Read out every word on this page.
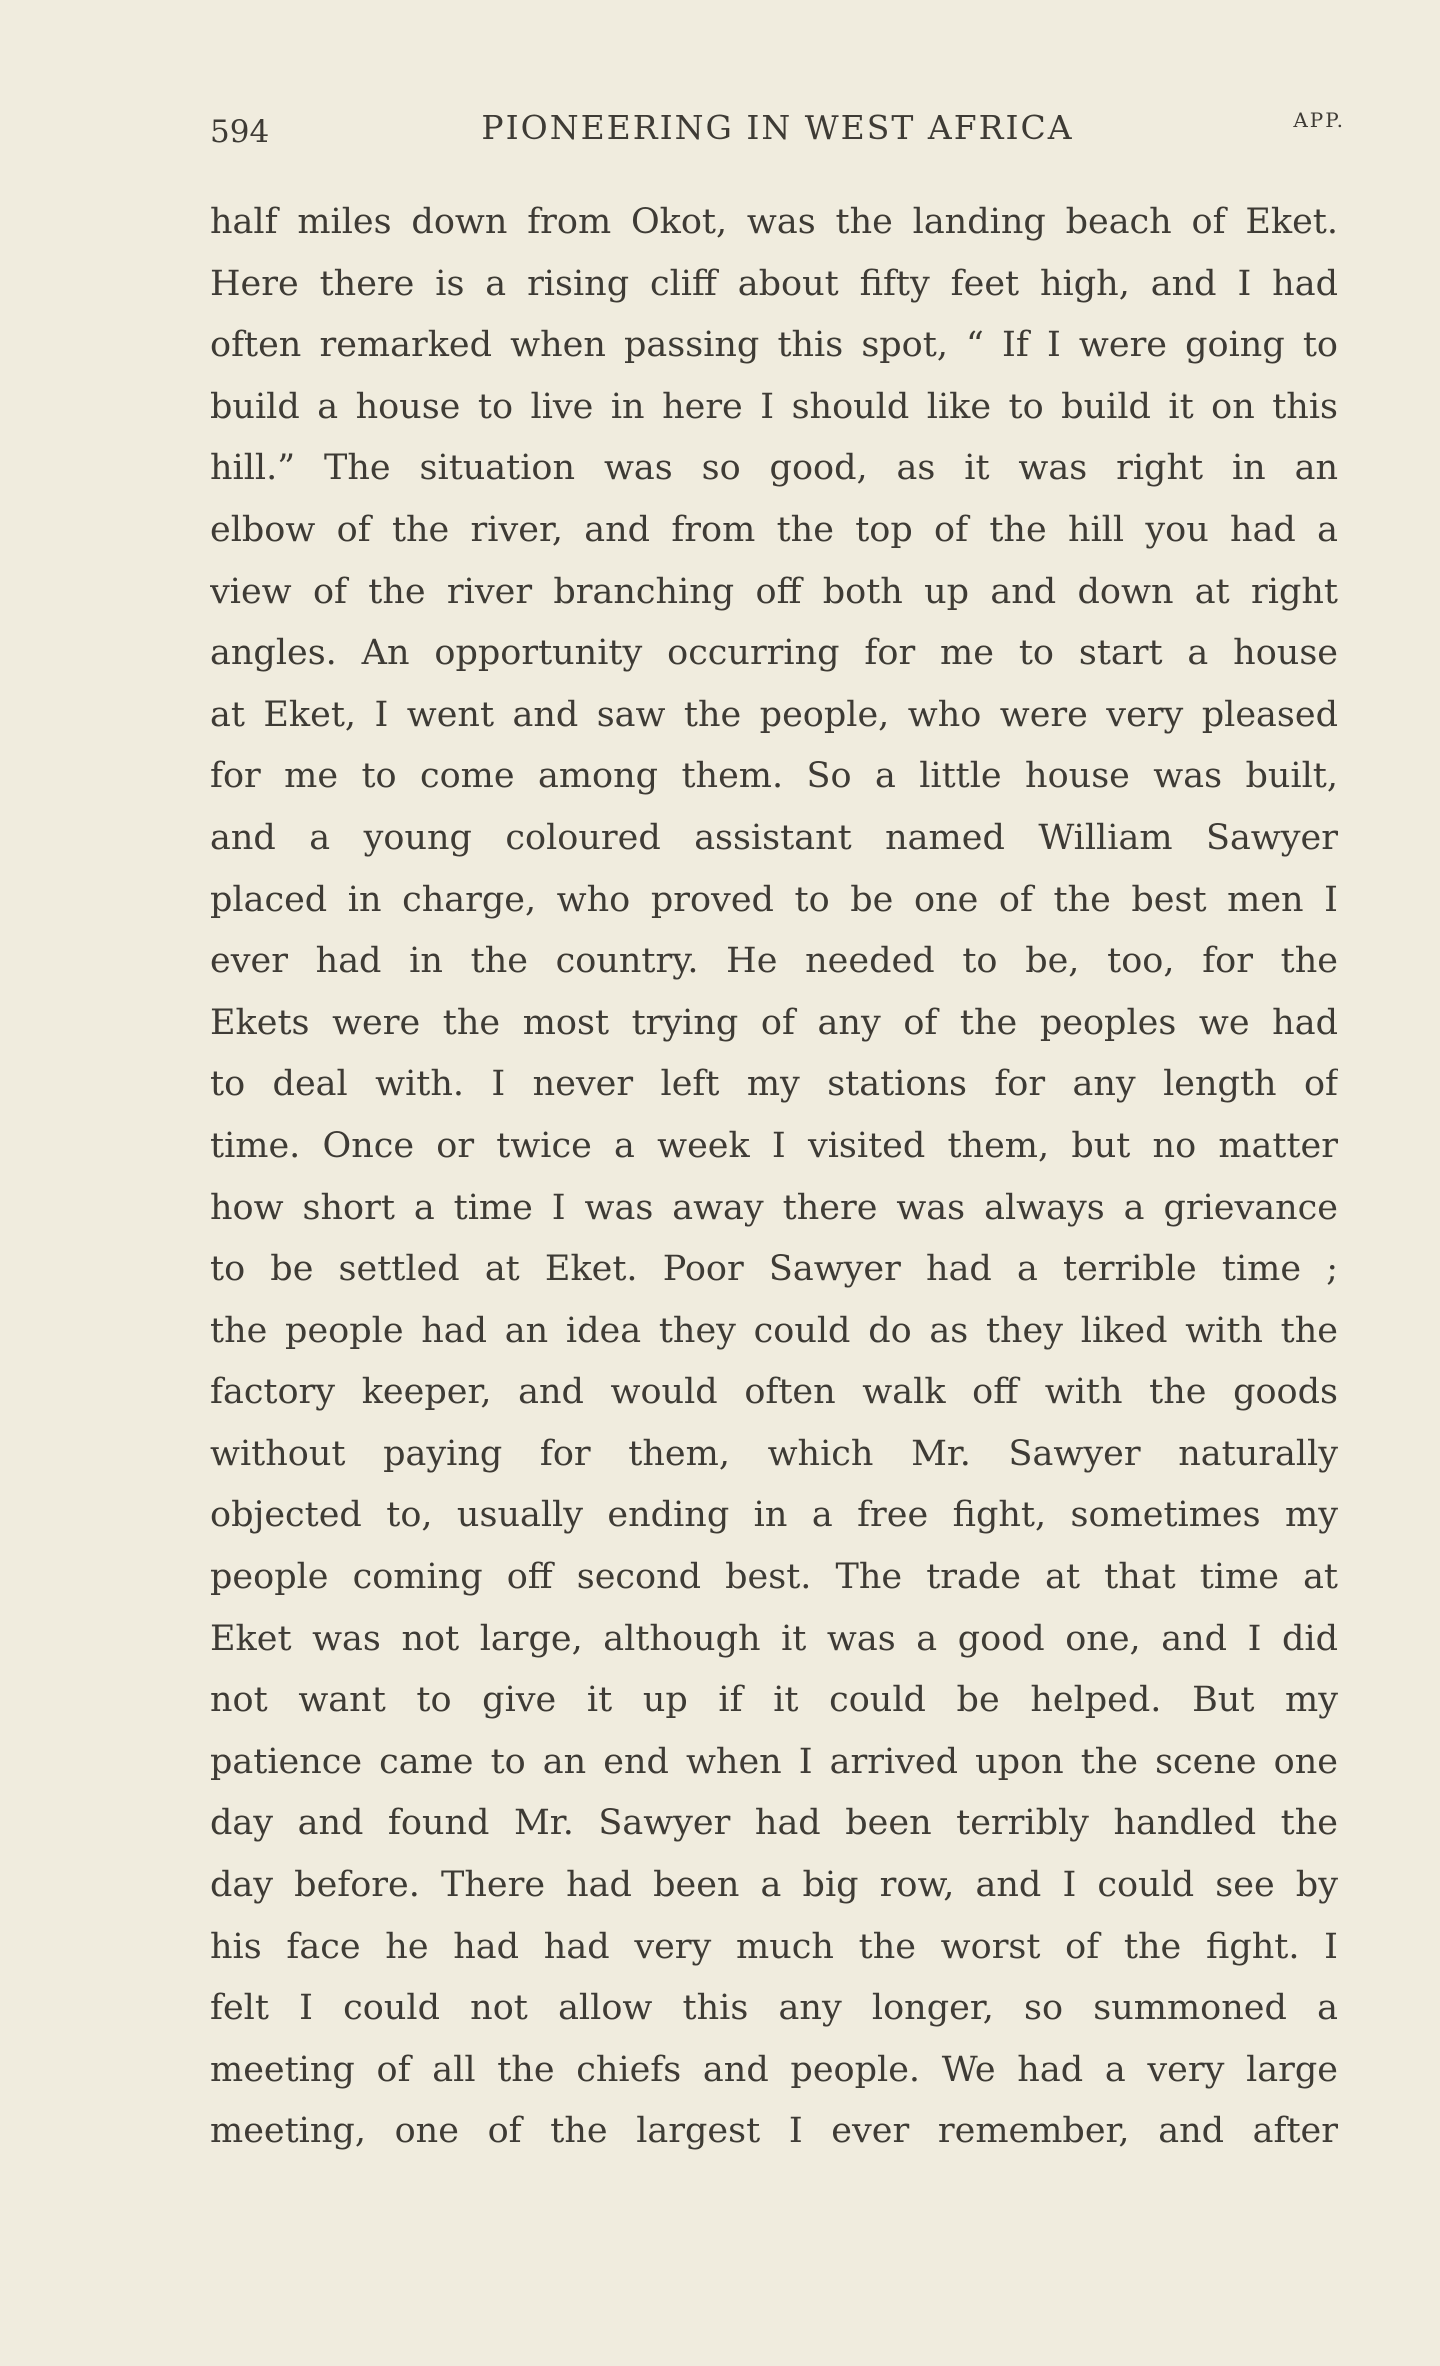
594	PIONEERING IN WEST AFRICA	APP.
half miles down from Okot, was the landing beach of Eket.
Here there is a rising cliff about fifty feet high, and I had
often remarked when passing this spot, “ If I were going to
build a house to live in here I should like to build it on this
hill.” The situation was so good, as it was right in an
elbow of the river, and from the top of the hill you had a
view of the river branching off both up and down at right
angles. An opportunity occurring for me to start a house
at Eket, I went and saw the people, who were very pleased
for me to come among them. So a little house was built,
and a young coloured assistant named William Sawyer
placed in charge, who proved to be one of the best men I
ever had in the country. He needed to be, too, for the
Ekets were the most trying of any of the peoples we had
to deal with. I never left my stations for any length of
time. Once or twice a week I visited them, but no matter
how short a time I was away there was always a grievance
to be settled at Eket. Poor Sawyer had a terrible time ;
the people had an idea they could do as they liked with the
factory keeper, and would often walk off with the goods
without paying for them, which Mr. Sawyer naturally
objected to, usually ending in a free fight, sometimes my
people coming off second best. The trade at that time at
Eket was not large, although it was a good one, and I did
not want to give it up if it could be helped. But my
patience came to an end when I arrived upon the scene one
day and found Mr. Sawyer had been terribly handled the
day before. There had been a big row, and I could see by
his face he had had very much the worst of the fight. I
felt I could not allow this any longer, so summoned a
meeting of all the chiefs and people. We had a very large
meeting, one of the largest I ever remember, and after
